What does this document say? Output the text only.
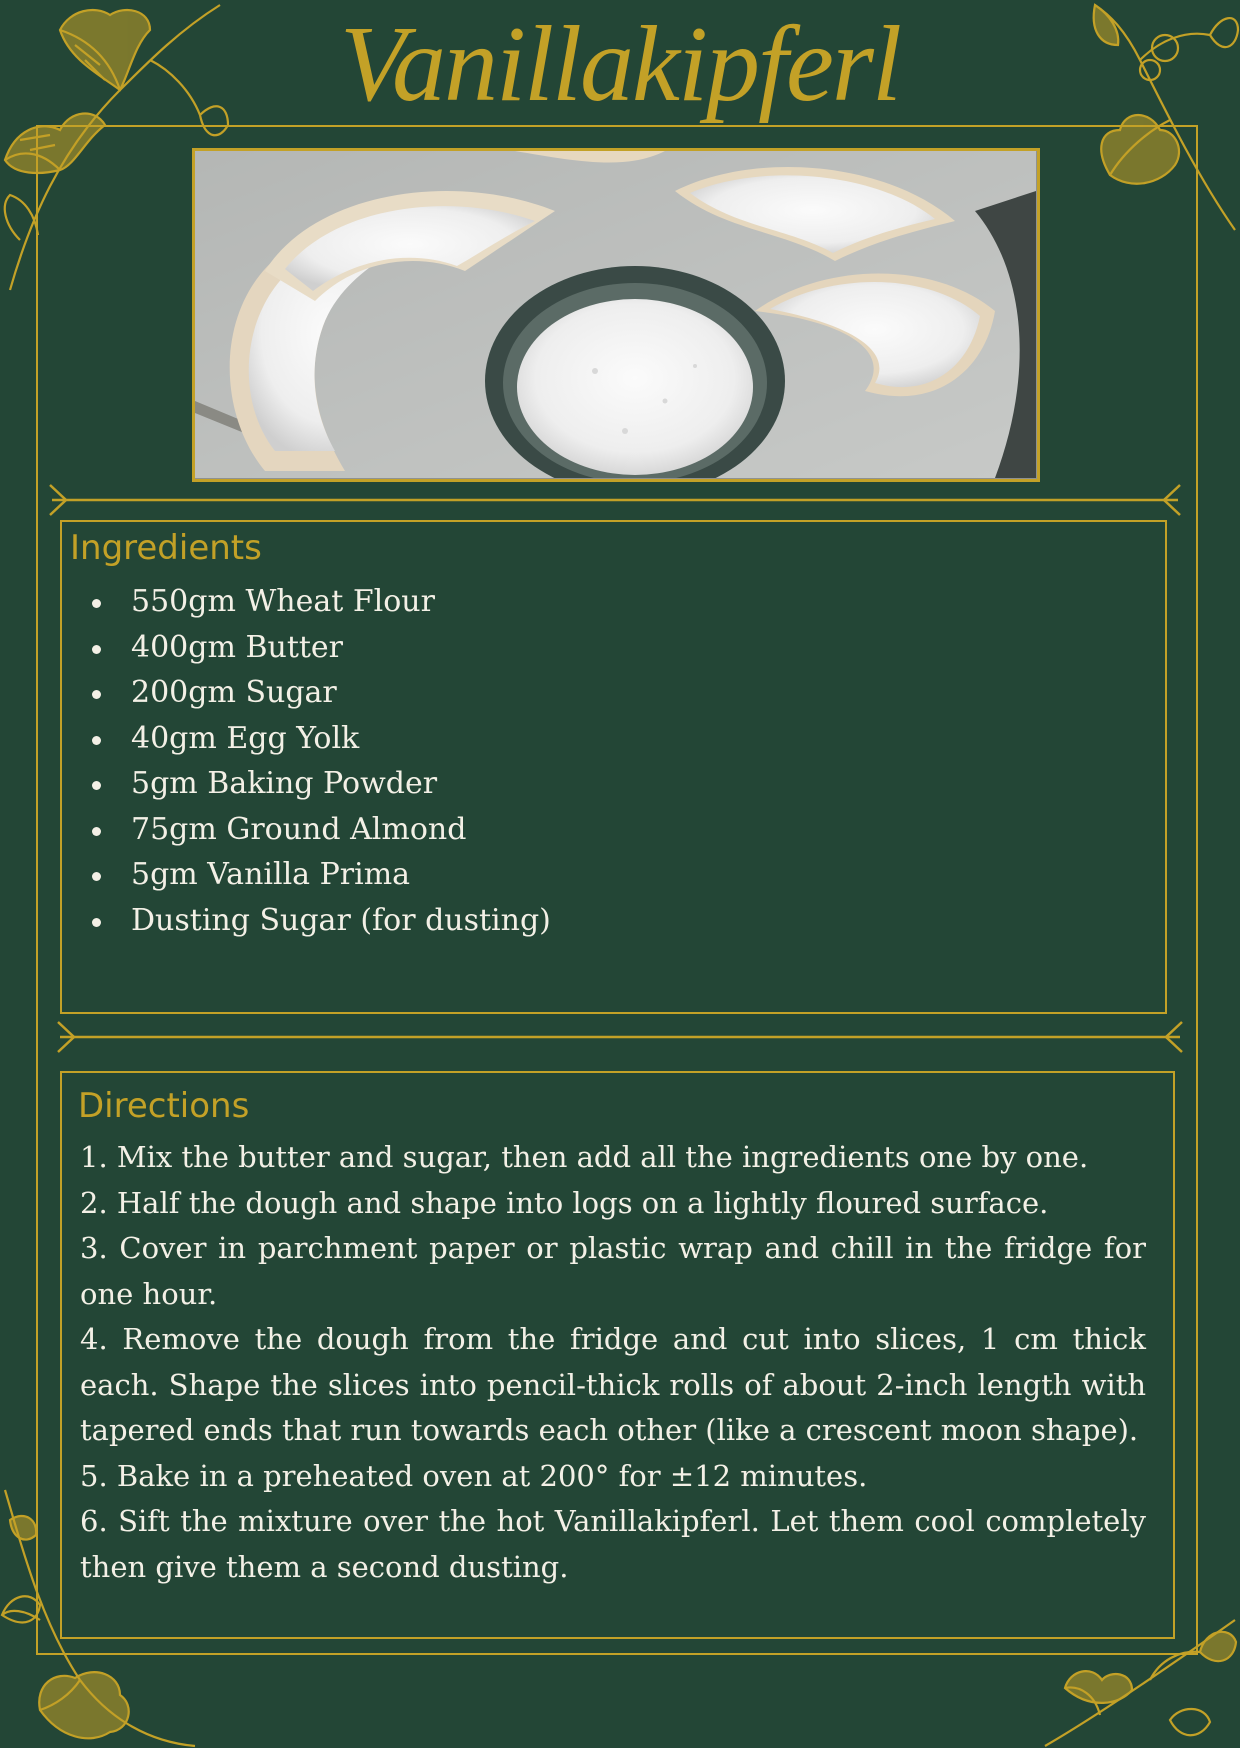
Vanillakipferl
Ingredients
550gm Wheat Flour
400gm Butter
200gm Sugar
40gm Egg Yolk
5gm Baking Powder
75gm Ground Almond
5gm Vanilla Prima
Dusting Sugar (for dusting)
Directions

1. Mix the butter and sugar, then add all the ingredients one by one.

2. Half the dough and shape into logs on a lightly floured surface.

3. Cover in parchment paper or plastic wrap and chill in the fridge for one hour.

4. Remove the dough from the fridge and cut into slices, 1 cm thick each. Shape the slices into pencil-thick rolls of about 2-inch length with tapered ends that run towards each other (like a crescent moon shape).

5. Bake in a preheated oven at 200° for ±12 minutes.

6. Sift the mixture over the hot Vanillakipferl. Let them cool completely then give them a second dusting.
